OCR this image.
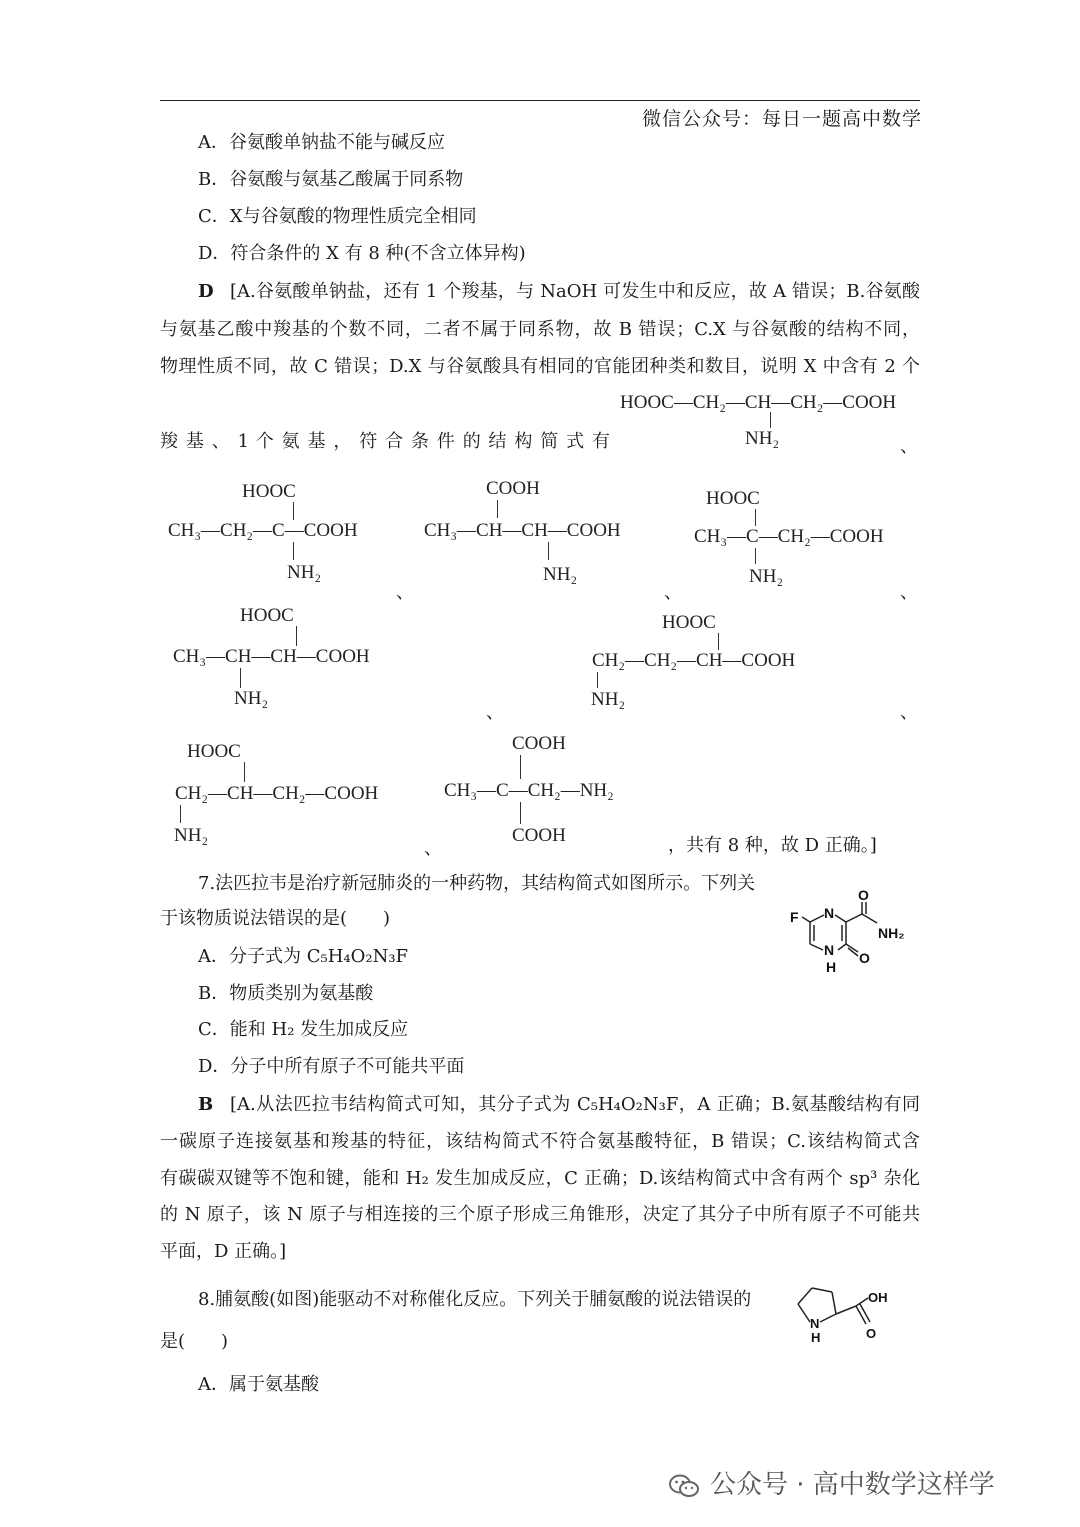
微信公众号：每日一题高中数学
A．谷氨酸单钠盐不能与碱反应
B．谷氨酸与氨基乙酸属于同系物
C．X与谷氨酸的物理性质完全相同
D．符合条件的 X 有 8 种(不含立体异构)
D [A.谷氨酸单钠盐，还有 1 个羧基，与 NaOH 可发生中和反应，故 A 错误；B.谷氨酸
与氨基乙酸中羧基的个数不同，二者不属于同系物，故 B 错误；C.X 与谷氨酸的结构不同，
物理性质不同，故 C 错误；D.X 与谷氨酸具有相同的官能团种类和数目，说明 X 中含有 2 个
羧 基 、 1 个 氨 基 ， 符 合 条 件 的 结 构 简 式 有
HOOC—CH₂—CH—CH₂—COOH
NH₂	、
HOOC
CH₃—CH₂—C—COOH
NH₂
、
COOH
CH₃—CH—CH—COOH
NH₂
、
HOOC
CH₃—C—CH₂—COOH
NH₂
、
HOOC
CH₃—CH—CH—COOH
NH₂
、
HOOC
CH₂—CH₂—CH—COOH
NH₂
、
HOOC
CH₂—CH—CH₂—COOH
NH₂
、
COOH
CH₃—C—CH₂—NH₂
COOH	，共有 8 种，故 D 正确。]
7.法匹拉韦是治疗新冠肺炎的一种药物，其结构简式如图所示。下列关
于该物质说法错误的是(　　)	F N
O
NH₂
N
H
O
A．分子式为 C₅H₄O₂N₃F
B．物质类别为氨基酸
C．能和 H₂ 发生加成反应
D．分子中所有原子不可能共平面
B [A.从法匹拉韦结构简式可知，其分子式为 C₅H₄O₂N₃F，A 正确；B.氨基酸结构有同
一碳原子连接氨基和羧基的特征，该结构简式不符合氨基酸特征，B 错误；C.该结构简式含
有碳碳双键等不饱和键，能和 H₂ 发生加成反应，C 正确；D.该结构简式中含有两个 sp³ 杂化
的 N 原子，该 N 原子与相连接的三个原子形成三角锥形，决定了其分子中所有原子不可能共
平面，D 正确。]
8.脯氨酸(如图)能驱动不对称催化反应。下列关于脯氨酸的说法错误的
是(　　)
OH
N
H	O
A．属于氨基酸
公众号 · 高中数学这样学
